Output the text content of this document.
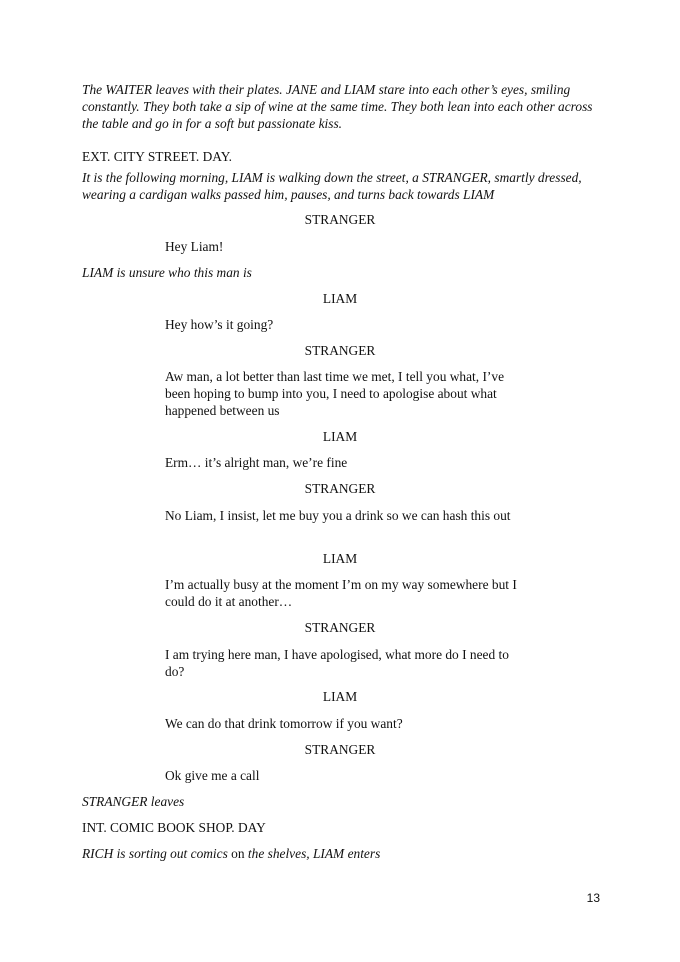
The WAITER leaves with their plates. JANE and LIAM stare into each other’s eyes, smiling constantly. They both take a sip of wine at the same time. They both lean into each other across the table and go in for a soft but passionate kiss.

EXT. CITY STREET. DAY.

It is the following morning, LIAM is walking down the street, a STRANGER, smartly dressed, wearing a cardigan walks passed him, pauses, and turns back towards LIAM

STRANGER

Hey Liam!

LIAM is unsure who this man is

LIAM

Hey how’s it going?

STRANGER

Aw man, a lot better than last time we met, I tell you what, I’ve been hoping to bump into you, I need to apologise about what happened between us

LIAM

Erm… it’s alright man, we’re fine

STRANGER

No Liam, I insist, let me buy you a drink so we can hash this out

LIAM

I’m actually busy at the moment I’m on my way somewhere but I could do it at another…

STRANGER

I am trying here man, I have apologised, what more do I need to do?

LIAM

We can do that drink tomorrow if you want?

STRANGER

Ok give me a call

STRANGER leaves

INT. COMIC BOOK SHOP. DAY

RICH is sorting out comics on the shelves, LIAM enters

13
